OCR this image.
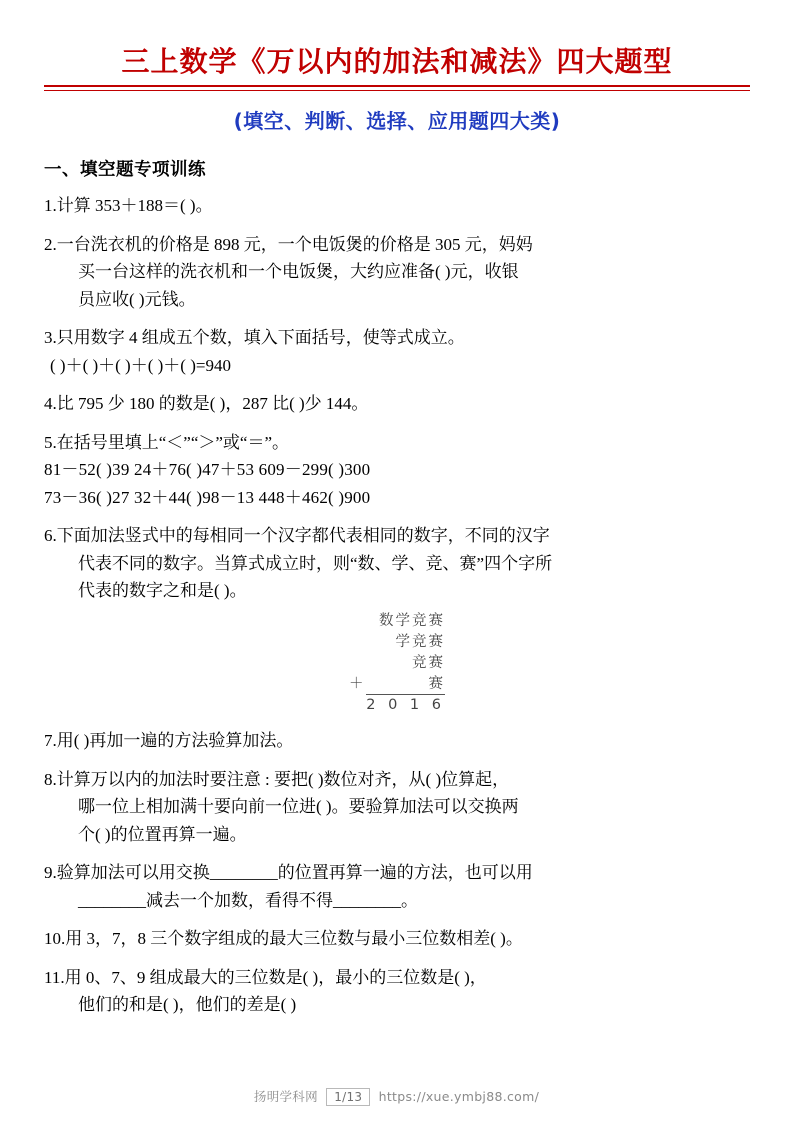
三上数学《万以内的加法和减法》四大题型
(填空、判断、选择、应用题四大类)
一、填空题专项训练
1.计算 353＋188＝( )。
2.一台洗衣机的价格是 898 元，一个电饭煲的价格是 305 元，妈妈
买一台这样的洗衣机和一个电饭煲，大约应准备( )元，收银
员应收( )元钱。
3.只用数字 4 组成五个数，填入下面括号，使等式成立。
( )＋( )＋( )＋( )＋( )=940
4.比 795 少 180 的数是( )，287 比( )少 144。
5.在括号里填上“＜”“＞”或“＝”。
81－52( )39 24＋76( )47＋53 609－299( )300
73－36( )27 32＋44( )98－13 448＋462( )900
6.下面加法竖式中的每相同一个汉字都代表相同的数字，不同的汉字
代表不同的数字。当算式成立时，则“数、学、竞、赛”四个字所
代表的数字之和是( )。
数学竞赛
学竞赛
竞赛
＋	赛
2 0 1 6
7.用( )再加一遍的方法验算加法。
8.计算万以内的加法时要注意 : 要把( )数位对齐，从( )位算起，
哪一位上相加满十要向前一位进( )。要验算加法可以交换两
个( )的位置再算一遍。
9.验算加法可以用交换________的位置再算一遍的方法，也可以用
________减去一个加数，看得不得________。
10.用 3，7，8 三个数字组成的最大三位数与最小三位数相差( )。
11.用 0、7、9 组成最大的三位数是( )，最小的三位数是( )，
他们的和是( )，他们的差是( )
扬明学科网 1/13 https://xue.ymbj88.com/
